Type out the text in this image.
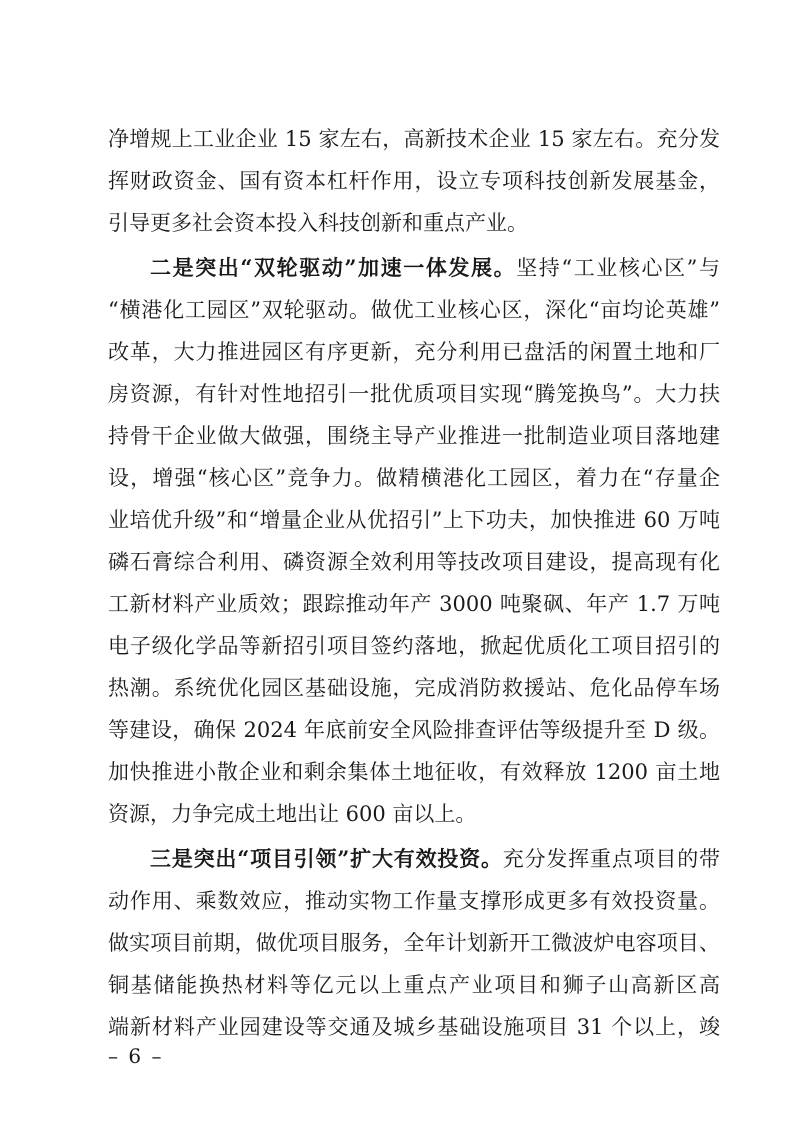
净增规上工业企业 15 家左右，高新技术企业 15 家左右。充分发
挥财政资金、国有资本杠杆作用，设立专项科技创新发展基金，
引导更多社会资本投入科技创新和重点产业。
二是突出“双轮驱动”加速一体发展。坚持“工业核心区”与
“横港化工园区”双轮驱动。做优工业核心区，深化“亩均论英雄”
改革，大力推进园区有序更新，充分利用已盘活的闲置土地和厂
房资源，有针对性地招引一批优质项目实现“腾笼换鸟”。大力扶
持骨干企业做大做强，围绕主导产业推进一批制造业项目落地建
设，增强“核心区”竞争力。做精横港化工园区，着力在“存量企
业培优升级”和“增量企业从优招引”上下功夫，加快推进 60 万吨
磷石膏综合利用、磷资源全效利用等技改项目建设，提高现有化
工新材料产业质效；跟踪推动年产 3000 吨聚砜、年产 1.7 万吨
电子级化学品等新招引项目签约落地，掀起优质化工项目招引的
热潮。系统优化园区基础设施，完成消防救援站、危化品停车场
等建设，确保 2024 年底前安全风险排查评估等级提升至 D 级。
加快推进小散企业和剩余集体土地征收，有效释放 1200 亩土地
资源，力争完成土地出让 600 亩以上。
三是突出“项目引领”扩大有效投资。充分发挥重点项目的带
动作用、乘数效应，推动实物工作量支撑形成更多有效投资量。
做实项目前期，做优项目服务，全年计划新开工微波炉电容项目、
铜基储能换热材料等亿元以上重点产业项目和狮子山高新区高
端新材料产业园建设等交通及城乡基础设施项目 31 个以上，竣
– 6 –
